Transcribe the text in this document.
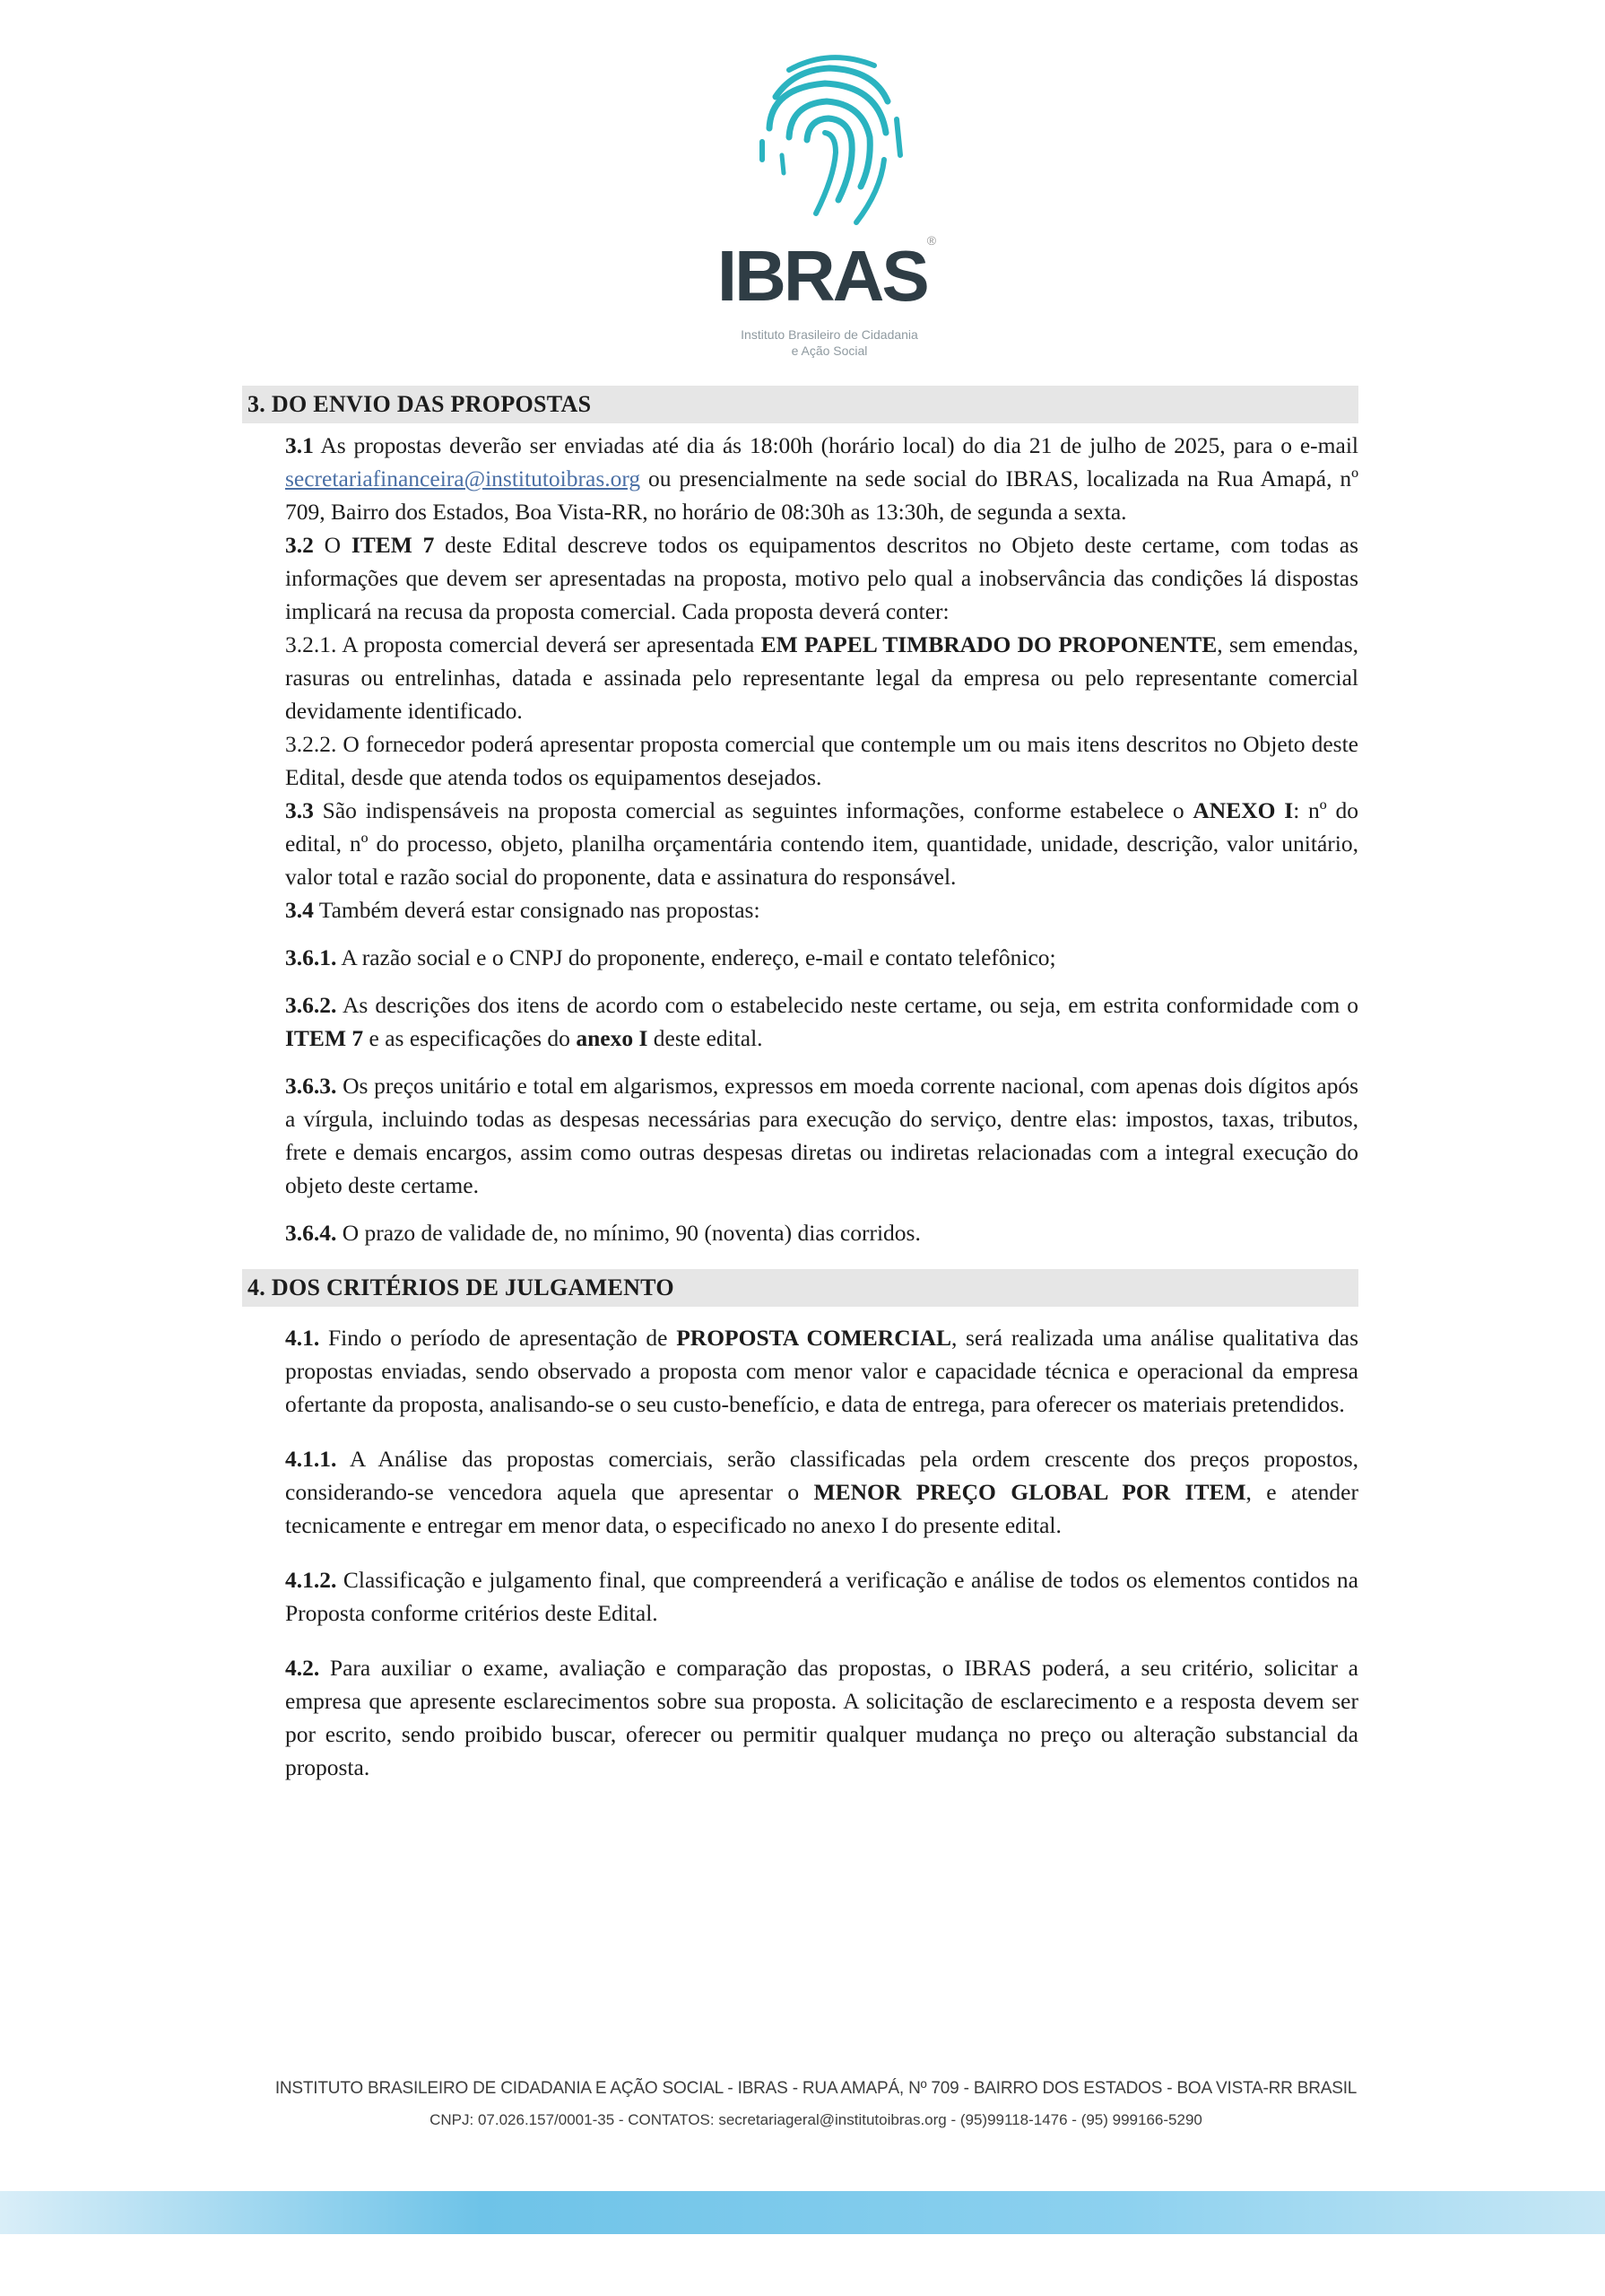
IBRAS®
Instituto Brasileiro de Cidadania
e Ação Social
3. DO ENVIO DAS PROPOSTAS

3.1 As propostas deverão ser enviadas até dia ás 18:00h (horário local) do dia 21 de julho de 2025, para o e-mail secretariafinanceira@institutoibras.org ou presencialmente na sede social do IBRAS, localizada na Rua Amapá, nº 709, Bairro dos Estados, Boa Vista-RR, no horário de 08:30h as 13:30h, de segunda a sexta.

3.2 O ITEM 7 deste Edital descreve todos os equipamentos descritos no Objeto deste certame, com todas as informações que devem ser apresentadas na proposta, motivo pelo qual a inobservância das condições lá dispostas implicará na recusa da proposta comercial. Cada proposta deverá conter:

3.2.1. A proposta comercial deverá ser apresentada EM PAPEL TIMBRADO DO PROPONENTE, sem emendas, rasuras ou entrelinhas, datada e assinada pelo representante legal da empresa ou pelo representante comercial devidamente identificado.

3.2.2. O fornecedor poderá apresentar proposta comercial que contemple um ou mais itens descritos no Objeto deste Edital, desde que atenda todos os equipamentos desejados.

3.3 São indispensáveis na proposta comercial as seguintes informações, conforme estabelece o ANEXO I: nº do edital, nº do processo, objeto, planilha orçamentária contendo item, quantidade, unidade, descrição, valor unitário, valor total e razão social do proponente, data e assinatura do responsável.

3.4 Também deverá estar consignado nas propostas:

3.6.1. A razão social e o CNPJ do proponente, endereço, e-mail e contato telefônico;

3.6.2. As descrições dos itens de acordo com o estabelecido neste certame, ou seja, em estrita conformidade com o ITEM 7 e as especificações do anexo I deste edital.

3.6.3. Os preços unitário e total em algarismos, expressos em moeda corrente nacional, com apenas dois dígitos após a vírgula, incluindo todas as despesas necessárias para execução do serviço, dentre elas: impostos, taxas, tributos, frete e demais encargos, assim como outras despesas diretas ou indiretas relacionadas com a integral execução do objeto deste certame.

3.6.4. O prazo de validade de, no mínimo, 90 (noventa) dias corridos.

4. DOS CRITÉRIOS DE JULGAMENTO

4.1. Findo o período de apresentação de PROPOSTA COMERCIAL, será realizada uma análise qualitativa das propostas enviadas, sendo observado a proposta com menor valor e capacidade técnica e operacional da empresa ofertante da proposta, analisando-se o seu custo-benefício, e data de entrega, para oferecer os materiais pretendidos.

4.1.1. A Análise das propostas comerciais, serão classificadas pela ordem crescente dos preços propostos, considerando-se vencedora aquela que apresentar o MENOR PREÇO GLOBAL POR ITEM, e atender tecnicamente e entregar em menor data, o especificado no anexo I do presente edital.

4.1.2. Classificação e julgamento final, que compreenderá a verificação e análise de todos os elementos contidos na Proposta conforme critérios deste Edital.

4.2. Para auxiliar o exame, avaliação e comparação das propostas, o IBRAS poderá, a seu critério, solicitar a empresa que apresente esclarecimentos sobre sua proposta. A solicitação de esclarecimento e a resposta devem ser por escrito, sendo proibido buscar, oferecer ou permitir qualquer mudança no preço ou alteração substancial da proposta.

INSTITUTO BRASILEIRO DE CIDADANIA E AÇÃO SOCIAL - IBRAS - RUA AMAPÁ, Nº 709 - BAIRRO DOS ESTADOS - BOA VISTA-RR BRASIL
CNPJ: 07.026.157/0001-35 - CONTATOS: secretariageral@institutoibras.org - (95)99118-1476 - (95) 999166-5290
